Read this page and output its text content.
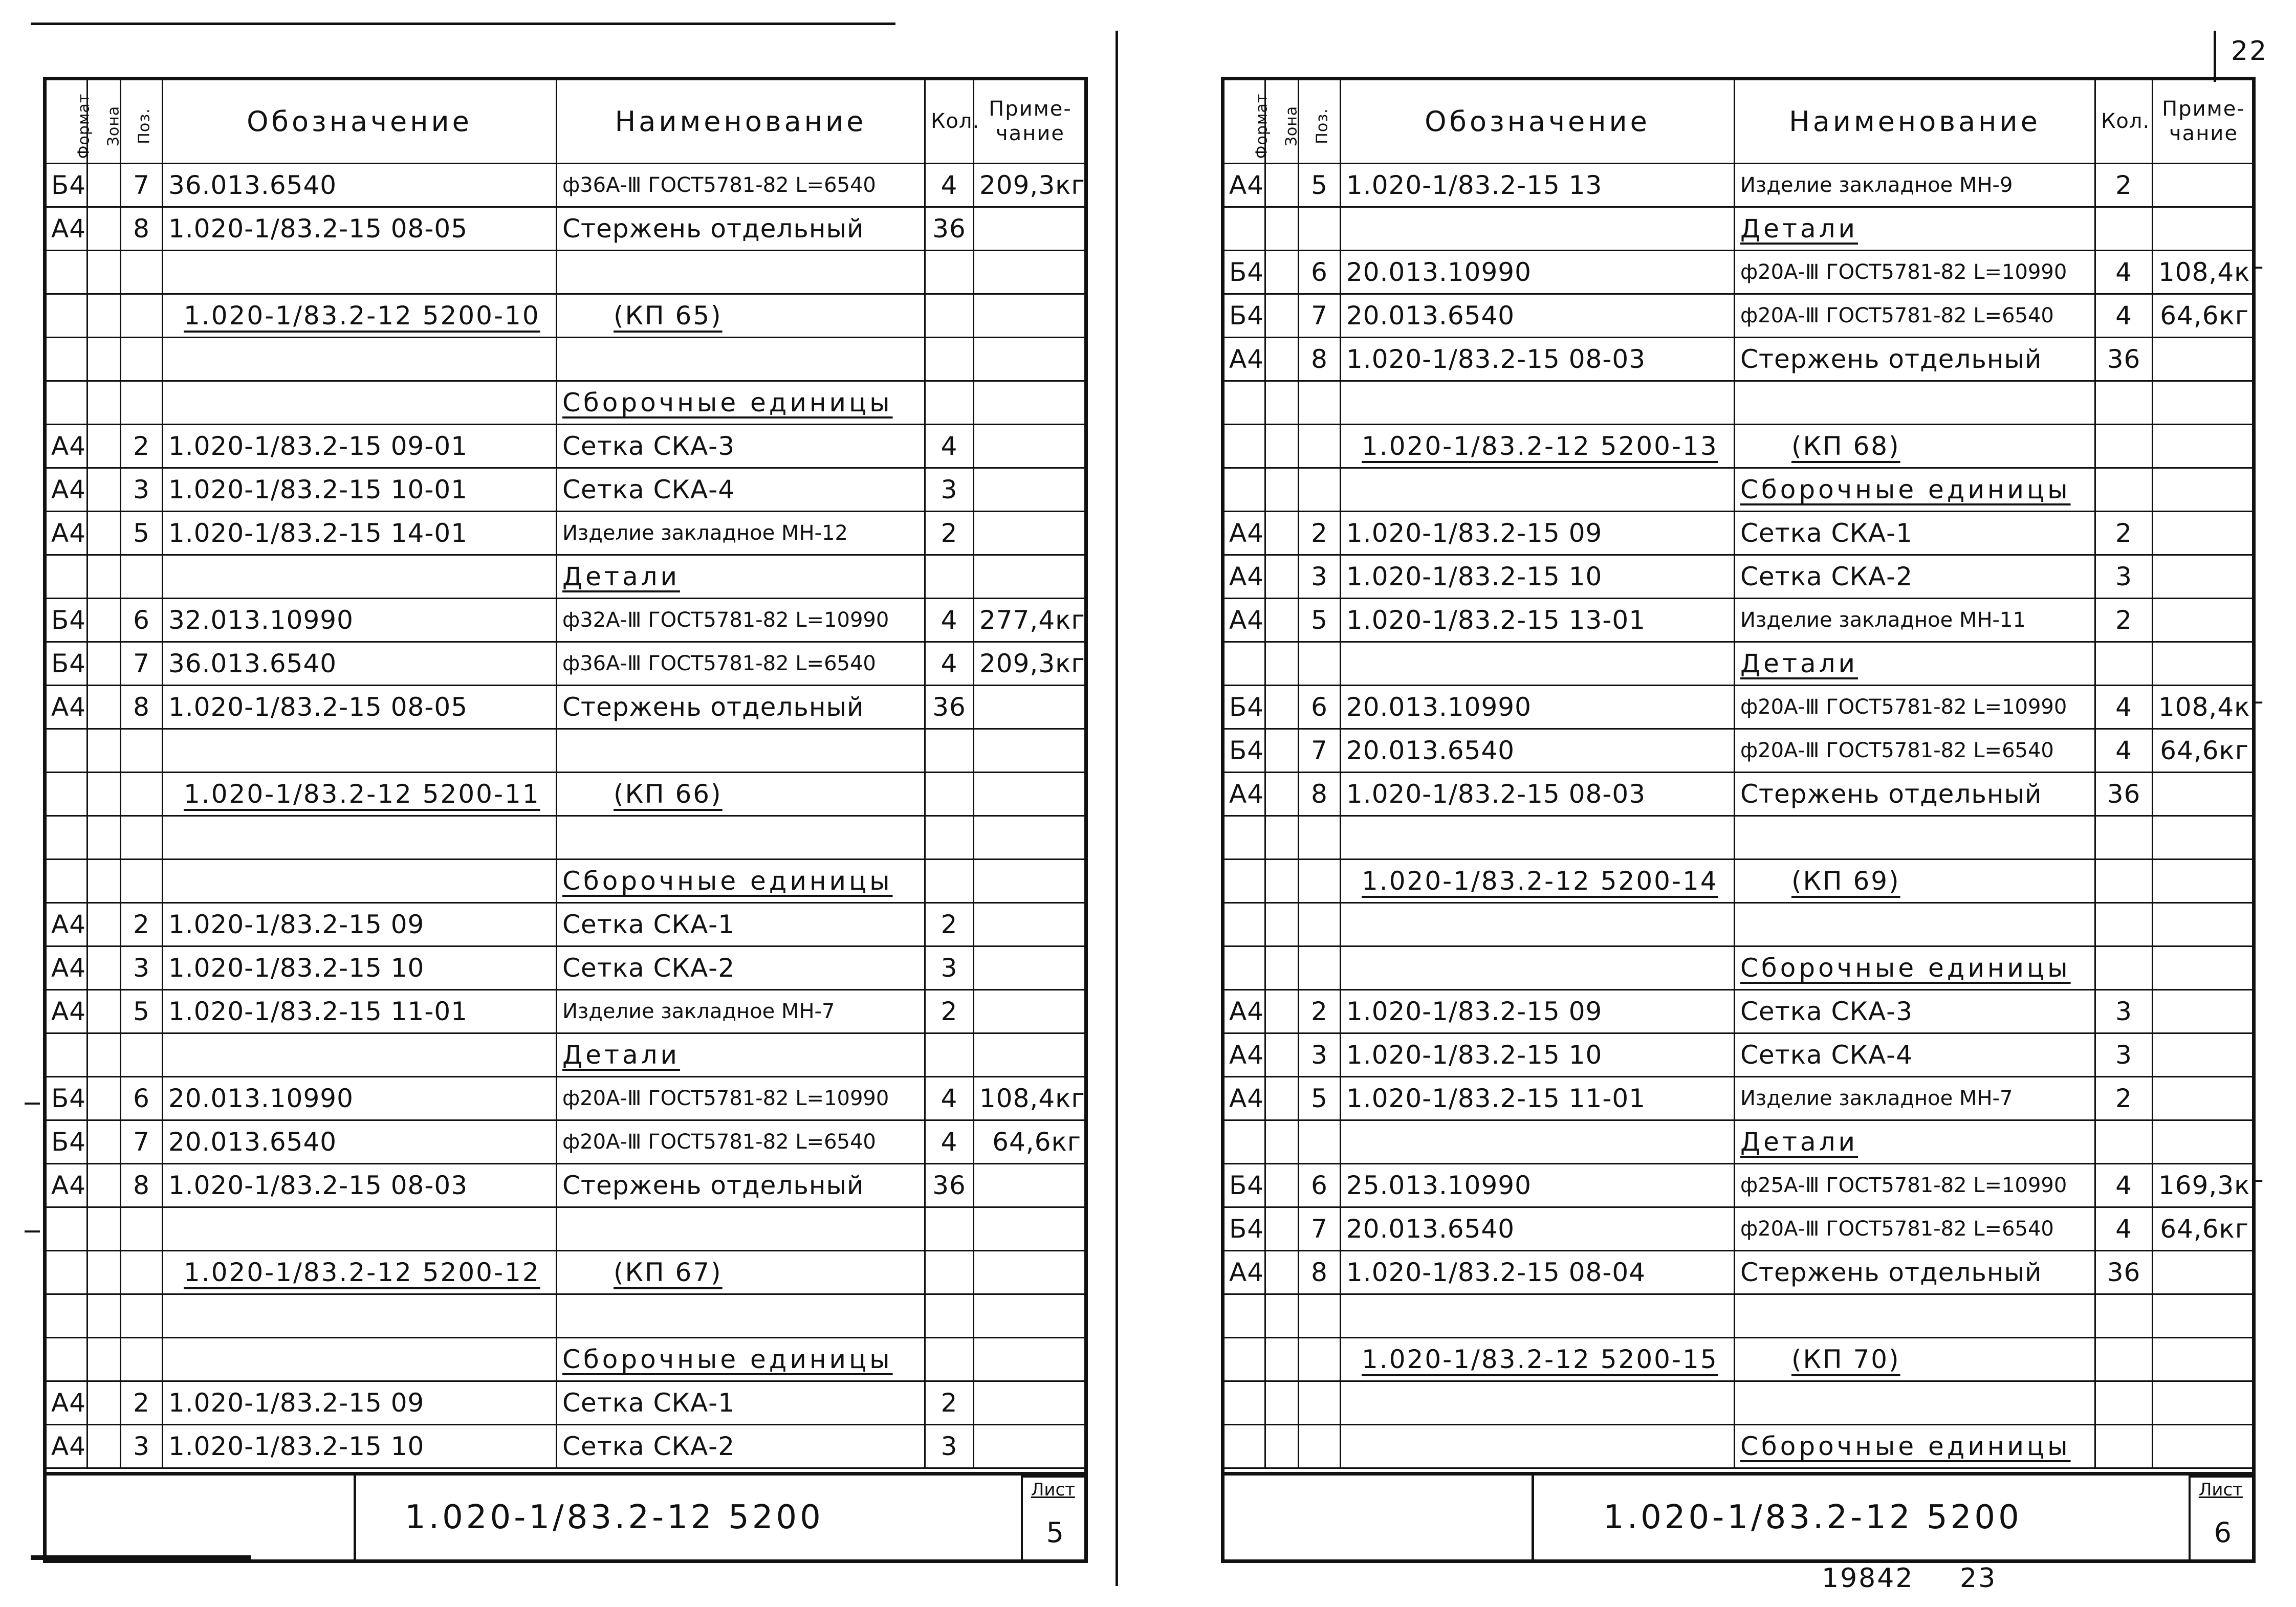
22
Формат	Зона	Поз.	Обозначение	Наименование	Кол.	Приме-чание
Б4		7	36.013.6540	ф36А-Ⅲ ГОСТ5781-82 L=6540	4	209,3кг
А4		8	1.020-1/83.2-15 08-05	Стержень отдельный	36	

			1.020-1/83.2-12 5200-10	(КП 65)		

				Сборочные единицы		
А4		2	1.020-1/83.2-15 09-01	Сетка СКА-3	4	
А4		3	1.020-1/83.2-15 10-01	Сетка СКА-4	3	
А4		5	1.020-1/83.2-15 14-01	Изделие закладное МН-12	2	
				Детали		
Б4		6	32.013.10990	ф32А-Ⅲ ГОСТ5781-82 L=10990	4	277,4кг
Б4		7	36.013.6540	ф36А-Ⅲ ГОСТ5781-82 L=6540	4	209,3кг
А4		8	1.020-1/83.2-15 08-05	Стержень отдельный	36	

			1.020-1/83.2-12 5200-11	(КП 66)		

				Сборочные единицы		
А4		2	1.020-1/83.2-15 09	Сетка СКА-1	2	
А4		3	1.020-1/83.2-15 10	Сетка СКА-2	3	
А4		5	1.020-1/83.2-15 11-01	Изделие закладное МН-7	2	
				Детали		
Б4		6	20.013.10990	ф20А-Ⅲ ГОСТ5781-82 L=10990	4	108,4кг
Б4		7	20.013.6540	ф20А-Ⅲ ГОСТ5781-82 L=6540	4	64,6кг
А4		8	1.020-1/83.2-15 08-03	Стержень отдельный	36	

			1.020-1/83.2-12 5200-12	(КП 67)		

				Сборочные единицы		
А4		2	1.020-1/83.2-15 09	Сетка СКА-1	2	
А4		3	1.020-1/83.2-15 10	Сетка СКА-2	3	
1.020-1/83.2-12 5200
Лист
5
Формат	Зона	Поз.	Обозначение	Наименование	Кол.	Приме-чание
А4		5	1.020-1/83.2-15 13	Изделие закладное МН-9	2	
				Детали		
Б4		6	20.013.10990	ф20А-Ⅲ ГОСТ5781-82 L=10990	4	108,4кг
Б4		7	20.013.6540	ф20А-Ⅲ ГОСТ5781-82 L=6540	4	64,6кг
А4		8	1.020-1/83.2-15 08-03	Стержень отдельный	36	

			1.020-1/83.2-12 5200-13	(КП 68)		
				Сборочные единицы		
А4		2	1.020-1/83.2-15 09	Сетка СКА-1	2	
А4		3	1.020-1/83.2-15 10	Сетка СКА-2	3	
А4		5	1.020-1/83.2-15 13-01	Изделие закладное МН-11	2	
				Детали		
Б4		6	20.013.10990	ф20А-Ⅲ ГОСТ5781-82 L=10990	4	108,4кг
Б4		7	20.013.6540	ф20А-Ⅲ ГОСТ5781-82 L=6540	4	64,6кг
А4		8	1.020-1/83.2-15 08-03	Стержень отдельный	36	

			1.020-1/83.2-12 5200-14	(КП 69)		

				Сборочные единицы		
А4		2	1.020-1/83.2-15 09	Сетка СКА-3	3	
А4		3	1.020-1/83.2-15 10	Сетка СКА-4	3	
А4		5	1.020-1/83.2-15 11-01	Изделие закладное МН-7	2	
				Детали		
Б4		6	25.013.10990	ф25А-Ⅲ ГОСТ5781-82 L=10990	4	169,3кг
Б4		7	20.013.6540	ф20А-Ⅲ ГОСТ5781-82 L=6540	4	64,6кг
А4		8	1.020-1/83.2-15 08-04	Стержень отдельный	36	

			1.020-1/83.2-12 5200-15	(КП 70)		

				Сборочные единицы		
1.020-1/83.2-12 5200
Лист
6
19842 23
